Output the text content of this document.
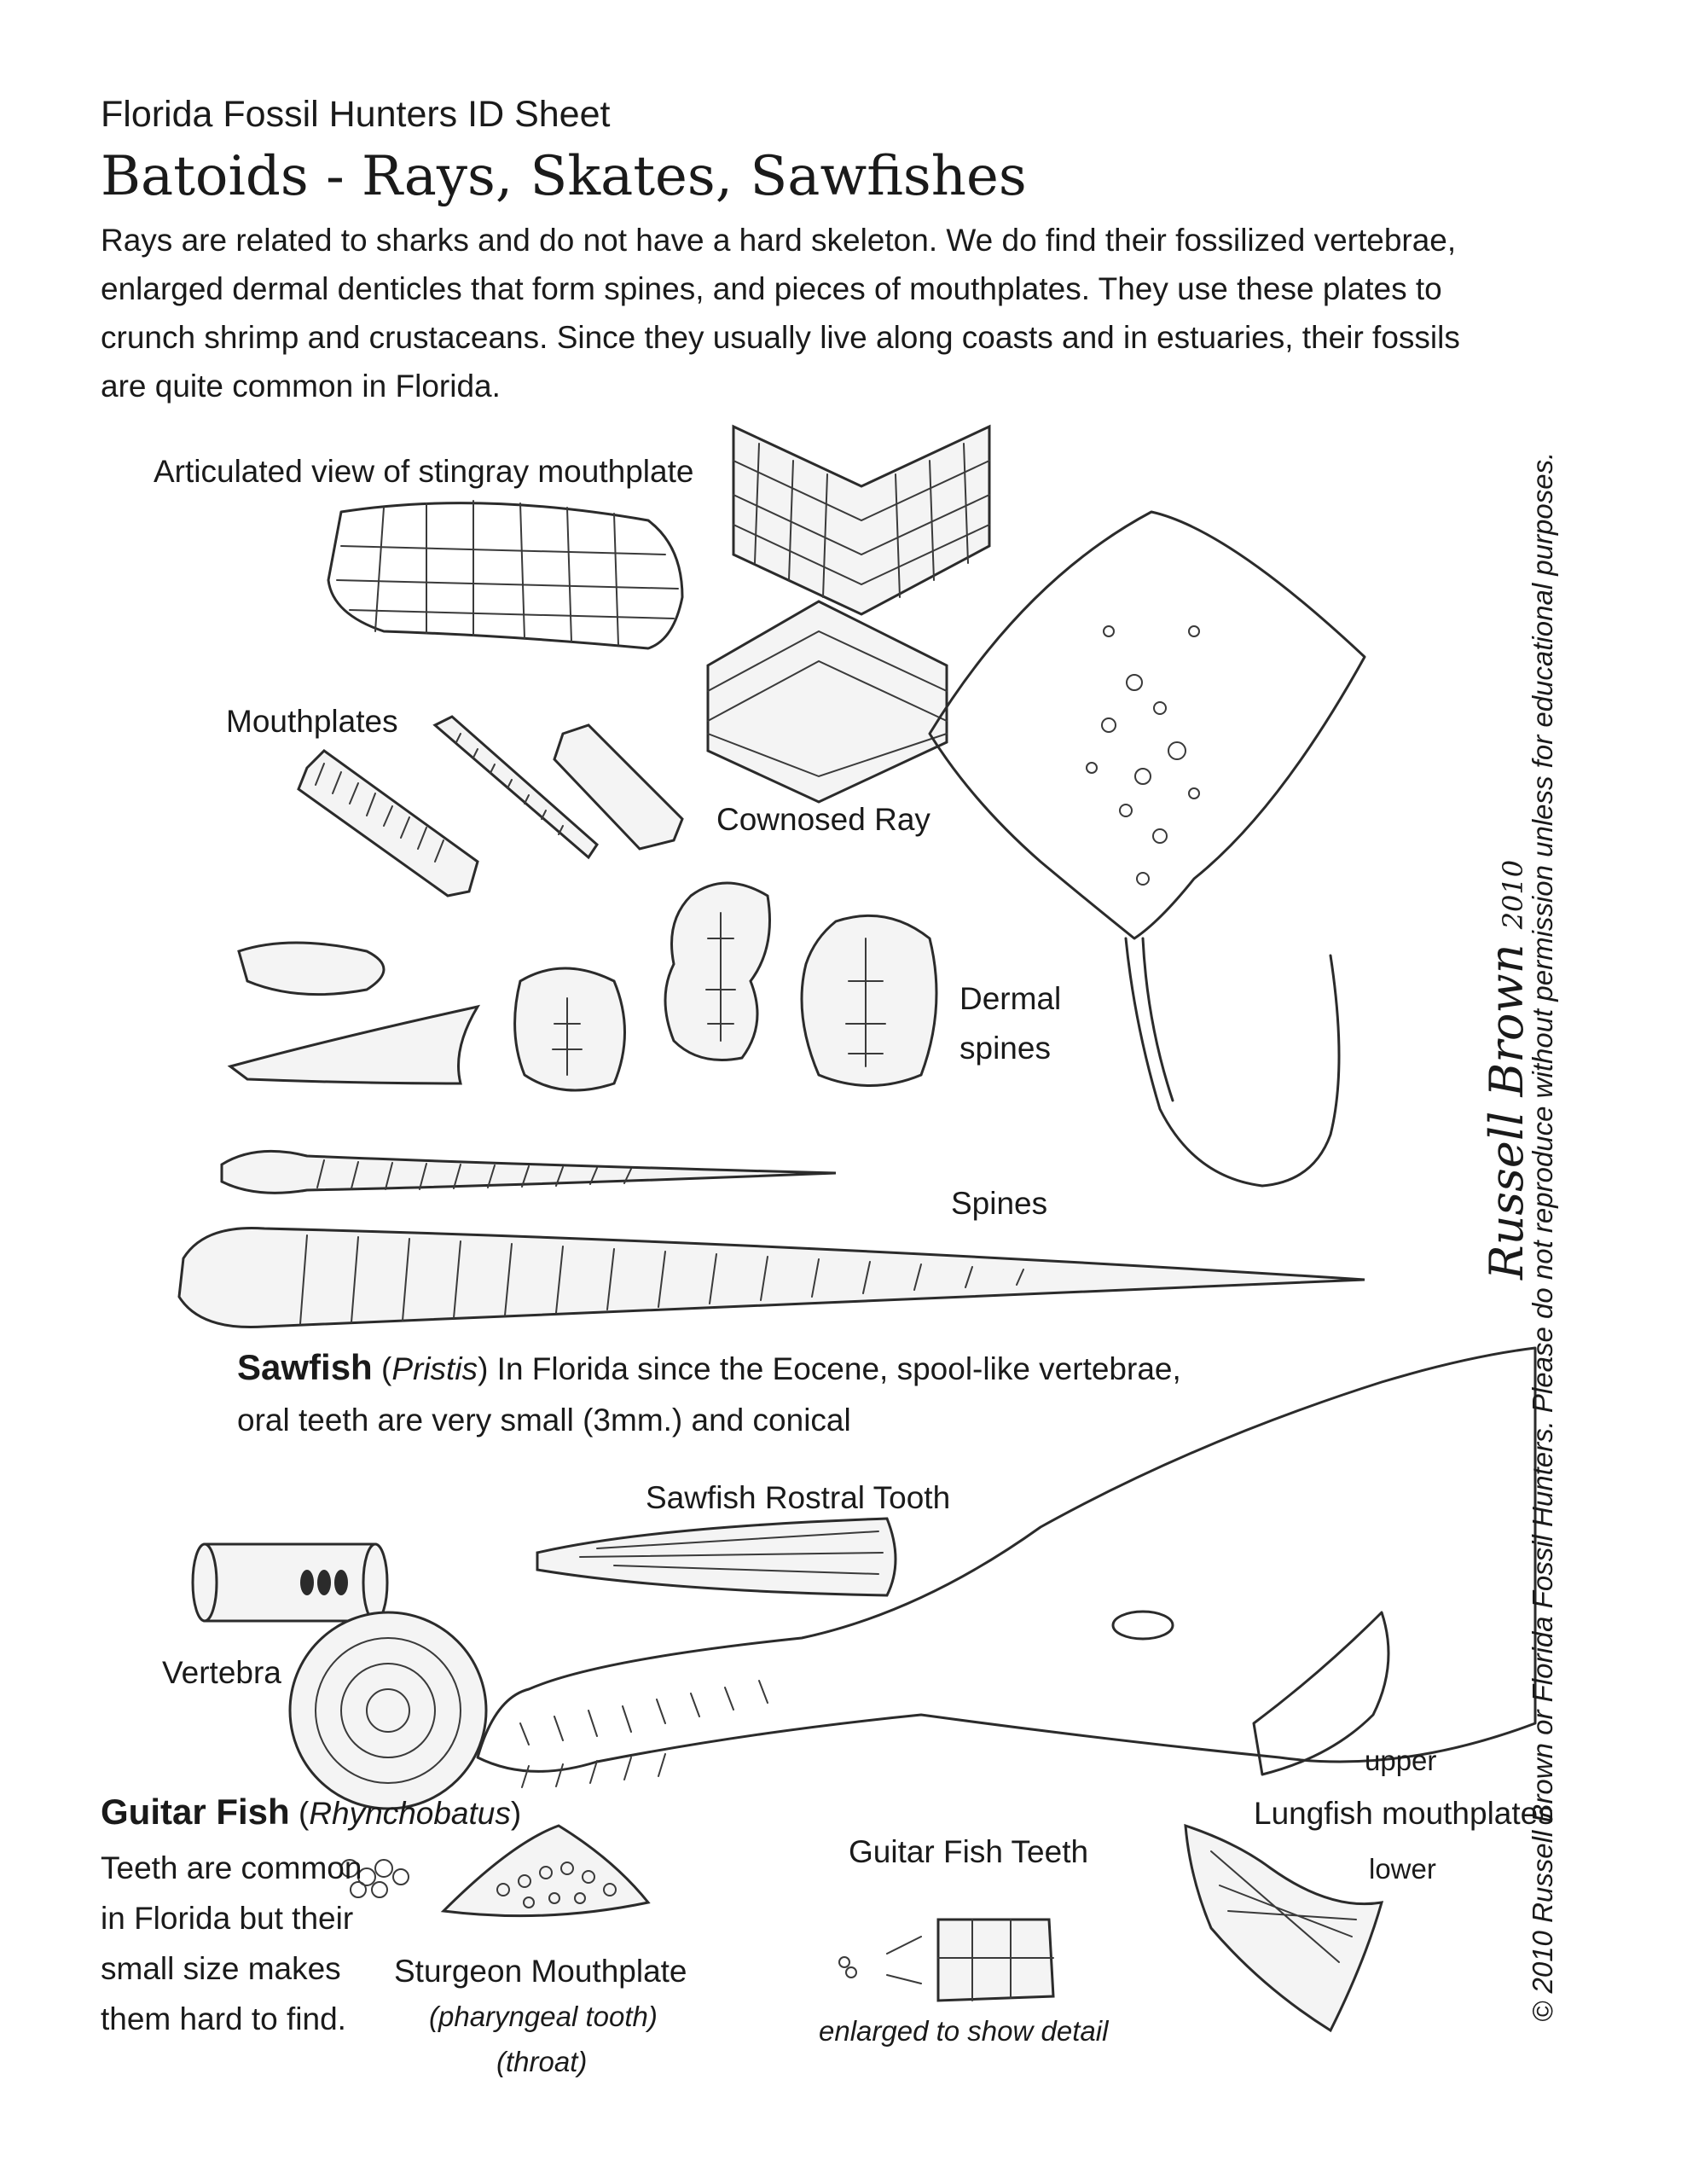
Florida Fossil Hunters ID Sheet
Batoids - Rays, Skates, Sawfishes

Rays are related to sharks and do not have a hard skeleton. We do find their fossilized vertebrae, enlarged dermal denticles that form spines, and pieces of mouthplates. They use these plates to crunch shrimp and crustaceans. Since they usually live along coasts and in estuaries, their fossils are quite common in Florida.

Articulated view of stingray mouthplate
Mouthplates
Cownosed Ray
Dermal
spines
Spines

Sawfish (Pristis) In Florida since the Eocene, spool-like vertebrae,
oral teeth are very small (3mm.) and conical

Sawfish Rostral Tooth
Vertebra
upper
Lungfish mouthplates
lower
Guitar Fish (Rhynchobatus)

Teeth are common
in Florida but their
small size makes
them hard to find.

Guitar Fish Teeth
enlarged to show detail
Sturgeon Mouthplate
(pharyngeal tooth)
(throat)
Russell Brown 2010
© 2010 Russell Brown or Florida Fossil Hunters. Please do not reproduce without permission unless for educational purposes.
